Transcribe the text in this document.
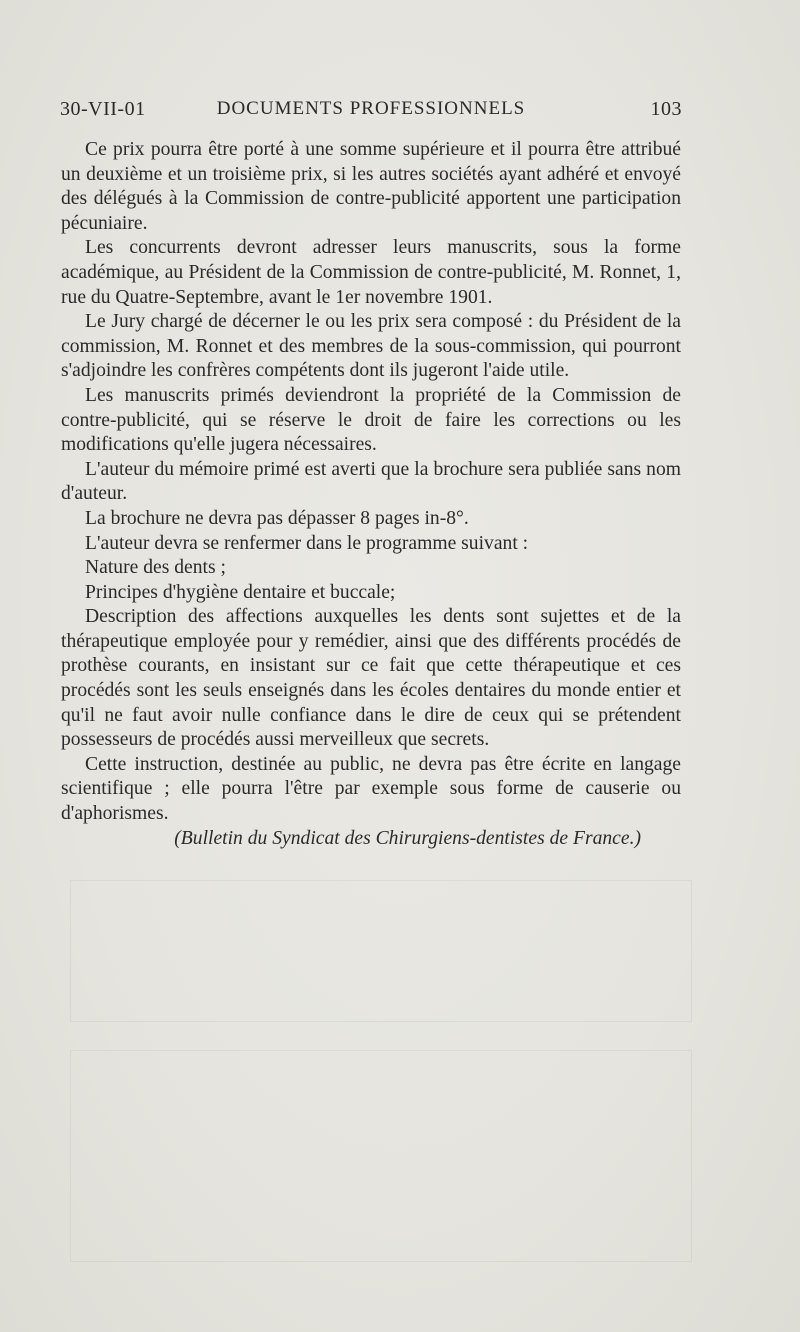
30-VII-01	DOCUMENTS PROFESSIONNELS	103

Ce prix pourra être porté à une somme supérieure et il pourra être attribué un deuxième et un troisième prix, si les autres sociétés ayant adhéré et envoyé des délégués à la Commission de contre-publicité apportent une participation pécuniaire.

Les concurrents devront adresser leurs manuscrits, sous la forme académique, au Président de la Commission de contre-publicité, M. Ronnet, 1, rue du Quatre-Septembre, avant le 1er novembre 1901.

Le Jury chargé de décerner le ou les prix sera composé : du Président de la commission, M. Ronnet et des membres de la sous-commission, qui pourront s'adjoindre les confrères compétents dont ils jugeront l'aide utile.

Les manuscrits primés deviendront la propriété de la Commission de contre-publicité, qui se réserve le droit de faire les corrections ou les modifications qu'elle jugera nécessaires.

L'auteur du mémoire primé est averti que la brochure sera publiée sans nom d'auteur.

La brochure ne devra pas dépasser 8 pages in-8°.

L'auteur devra se renfermer dans le programme suivant :

Nature des dents ;

Principes d'hygiène dentaire et buccale;

Description des affections auxquelles les dents sont sujettes et de la thérapeutique employée pour y remédier, ainsi que des différents procédés de prothèse courants, en insistant sur ce fait que cette thérapeutique et ces procédés sont les seuls enseignés dans les écoles dentaires du monde entier et qu'il ne faut avoir nulle confiance dans le dire de ceux qui se prétendent possesseurs de procédés aussi merveilleux que secrets.

Cette instruction, destinée au public, ne devra pas être écrite en langage scientifique ; elle pourra l'être par exemple sous forme de causerie ou d'aphorismes.

(Bulletin du Syndicat des Chirurgiens-dentistes de France.)
